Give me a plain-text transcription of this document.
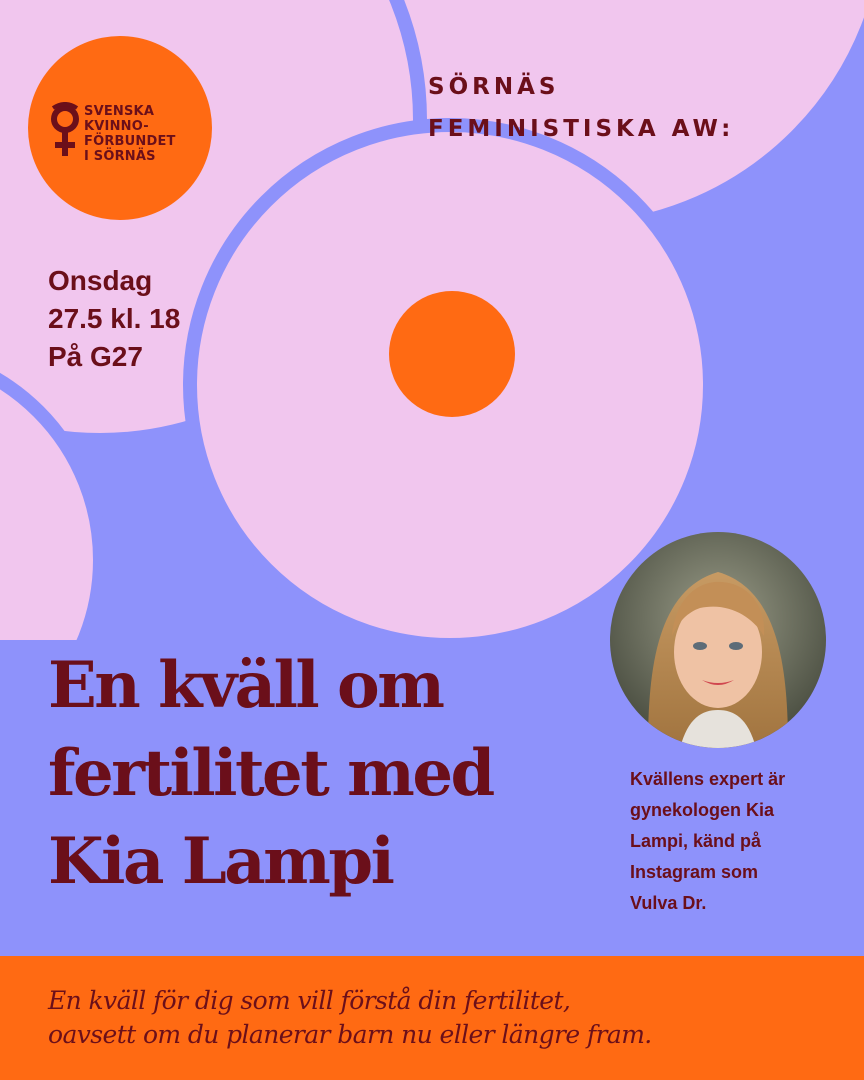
SVENSKA
KVINNO-
FÖRBUNDET
I SÖRNÄS
SÖRNÄS
FEMINISTISKA AW:
Onsdag
27.5 kl. 18
På G27
En kväll om
fertilitet med
Kia Lampi
Kvällens expert är
gynekologen Kia
Lampi, känd på
Instagram som
Vulva Dr.
En kväll för dig som vill förstå din fertilitet,
oavsett om du planerar barn nu eller längre fram.
